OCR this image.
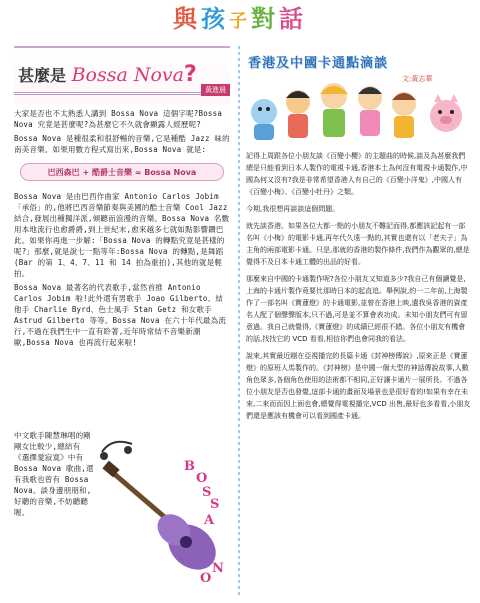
與孩子對話
甚麼是 Bossa Nova?
黃進晨

大家是否也不太熟悉人講到 Bossa Nova 這個字呢?Bossa Nova 究竟是甚麼呢?為甚麼它不久就會顯露人經歷呢?

Bossa Nova 是種很柔和很舒暢的音樂,它是種酷 Jazz 味的南美音樂。如果用數方程式寫出來,Bossa Nova 就是:

巴西森巴 + 酷爵士音樂 = Bossa Nova

Bossa Nova 是由巴西作曲家 Antonio Carlos Jobim「承俗」的,他將巴西音樂節奏與美國的酷士音樂 Cool Jazz 結合,發展出種獨洋派,傾聽而浪漫的音樂。Bossa Nova 名數用本地流行也愈爵爵,到上世紀末,愈來越多七就如點影響鑽巴此。如果你再進一步解:「Bossa Nova 的轉點究竟是甚樣的呢?」那麼,就是說七一點等年:Bossa Nova 的轉點,是舞蹈(Bar 的第 1、4、7、11 和 14 拍為重拍),其他的就是輕拍。

Bossa Nova 最著名的代表歌手,當然首推 Antonio Carlos Jobim 啦!此外還有男歌手 Joao Gilberto、結他手 Charlie Byrd、色士風手 Stan Getz 和女歌手 Astrud Gilberto 等等。Bossa Nova 在六十年代最為流行,不過在我們生中一直有聆著,近年時常結不音樂新潮歐,Bossa Nova 也再流行起來啦!

中文歌手陳慧琳唱的剛剛女比較少,總結有《選擇愛寂寞》中有 Bossa Nova 歌曲,還有我歌也曾有 Bossa Nova。談身邊朋朋和,好聽的音樂,不妨聽聽喔。

B
O
S
S
A
N
O
香港及中國卡通點滴談
文:黃志華

記得上周跟各位小朋友談《百變小櫻》的主題曲的時候,談及為甚麼我們總是只能看到日本人製作的電視卡通,香港本土為何沒有電視卡通製作,中國為何又沒有?我是非常希望香港人有自己的《百變小洋鬼》,中國人有《百變小梅》、《百變小牡丹》之類。

今期,我很想再談談這個問題。

就先談香港。如果各位大都一點的小朋友不難記而得,都應該記起有一部名叫《小梅》的電影卡通,再年代久遠一點的,其實也還有以「老夫子」為主角的兩部電影卡通。只是,那就的香港的製作條件,我們作為觀眾的,總是覺得不及日本卡通工體的出品的好看。

那麼來自中國的卡通製作呢?各位小朋友又知道多少?我自己有個讀覺是,上海的卡通片製作竟要比那時日本的起直追。舉例說,約一二年前,上海製作了一部名叫《寶蓮燈》的卡通電影,並曾在香港上映,遺我吳香港的資產名人配了個聲聲版本,只不過,可是並不算會表功成。未知小朋友們可有留意過。我自己就覺得,《寶蓮燈》的成績已經很不錯。各位小朋友有機會的話,找找它的 VCD 看看,相信你們也會同我的看法。

說來,其實最近剛在亞視播完的長篇卡通《封神榜傳說》,原來正是《寶蓮燈》的原班人馬製作的。《封神榜》是中國一個大型的神話傳說故事,人數角色眾多,各個角色使用的法術都不相同,正好讓卡通片一展所長。不過各位小朋友是否也發覺,這部卡通的畫面及場景也是很好看的!如果有幸在未來,二來而而因上面也會,總覺得電視播完,VCD 出售,最好也多看看,小朋友們還是應該有機會可以看到國產卡通。
